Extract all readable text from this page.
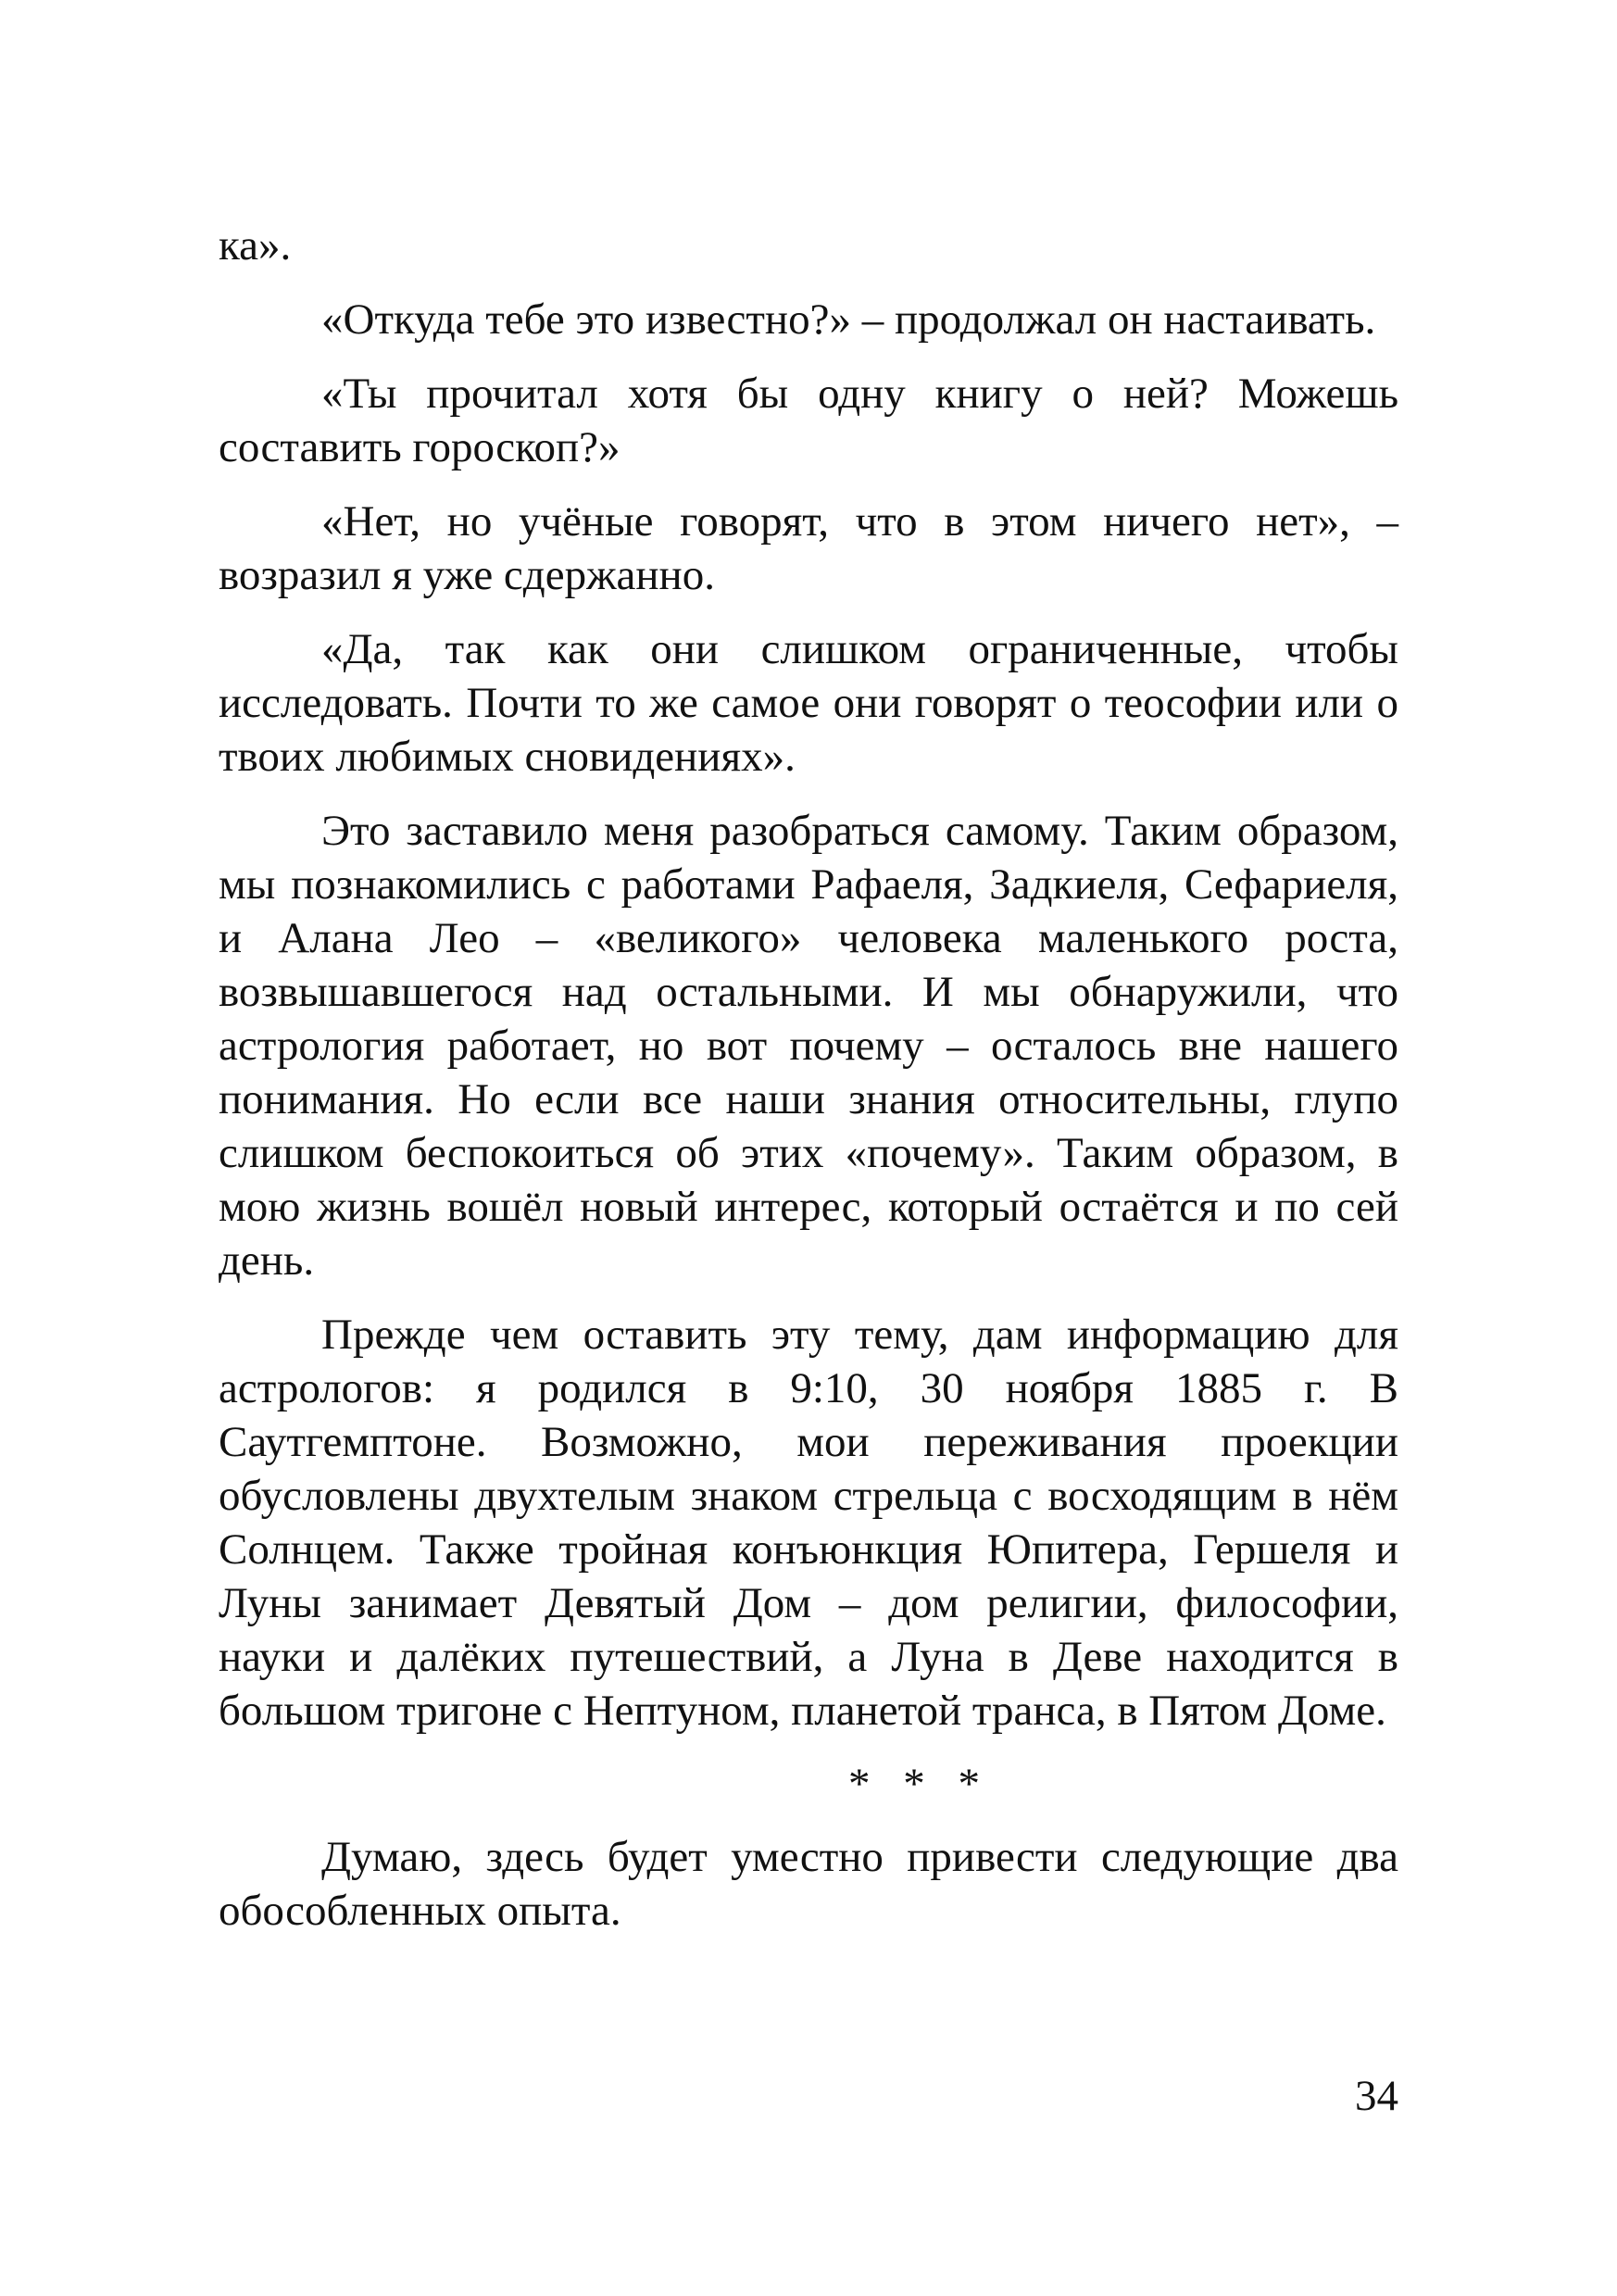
ка».

«Откуда тебе это известно?» – продолжал он настаивать.

«Ты прочитал хотя бы одну книгу о ней? Можешь составить гороскоп?»

«Нет, но учёные говорят, что в этом ничего нет», – возразил я уже сдержанно.

«Да, так как они слишком ограниченные, чтобы исследовать. Почти то же самое они говорят о теософии или о твоих любимых сновидениях».

Это заставило меня разобраться самому. Таким образом, мы познакомились с работами Рафаеля, Задкиеля, Сефариеля, и Алана Лео – «великого» человека маленького роста, возвышавшегося над остальными. И мы обнаружили, что астрология работает, но вот почему – осталось вне нашего понимания. Но если все наши знания относительны, глупо слишком беспокоиться об этих «почему». Таким образом, в мою жизнь вошёл новый интерес, который остаётся и по сей день.

Прежде чем оставить эту тему, дам информацию для астрологов: я родился в 9:10, 30 ноября 1885 г. В Саутгемптоне. Возможно, мои переживания проекции обусловлены двухтелым знаком стрельца с восходящим в нём Солнцем. Также тройная конъюнкция Юпитера, Гершеля и Луны занимает Девятый Дом – дом религии, философии, науки и далёких путешествий, а Луна в Деве находится в большом тригоне с Нептуном, планетой транса, в Пятом Доме.

* * *

Думаю, здесь будет уместно привести следующие два обособленных опыта.

34
